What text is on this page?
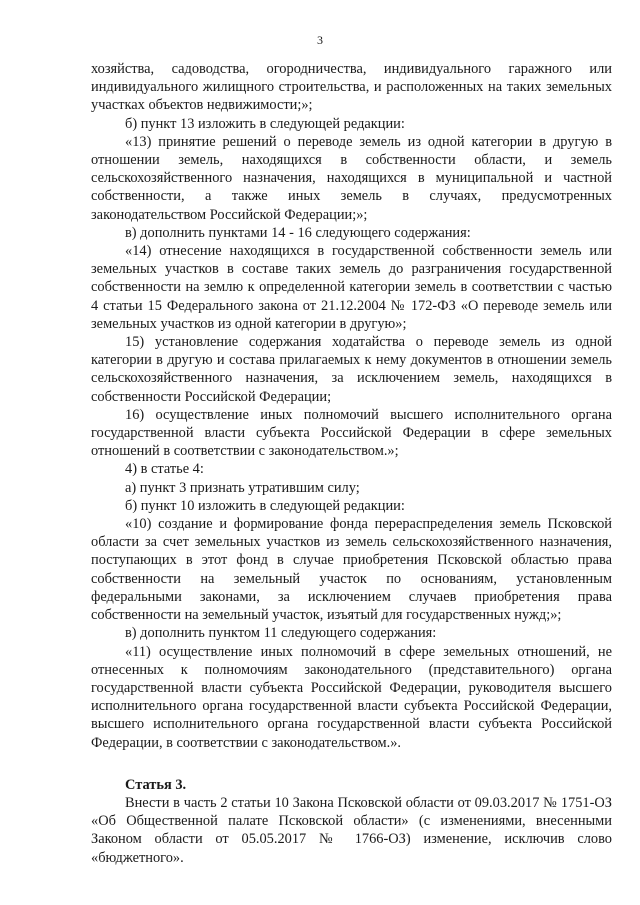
3

хозяйства, садоводства, огородничества, индивидуального гаражного или индивидуального жилищного строительства, и расположенных на таких земельных участках объектов недвижимости;»;

б) пункт 13 изложить в следующей редакции:

«13) принятие решений о переводе земель из одной категории в другую в отношении земель, находящихся в собственности области, и земель сельскохозяйственного назначения, находящихся в муниципальной и частной собственности, а также иных земель в случаях, предусмотренных законодательством Российской Федерации;»;

в) дополнить пунктами 14 - 16 следующего содержания:

«14) отнесение находящихся в государственной собственности земель или земельных участков в составе таких земель до разграничения государственной собственности на землю к определенной категории земель в соответствии с частью 4 статьи 15 Федерального закона от 21.12.2004 № 172-ФЗ «О переводе земель или земельных участков из одной категории в другую»;

15) установление содержания ходатайства о переводе земель из одной категории в другую и состава прилагаемых к нему документов в отношении земель сельскохозяйственного назначения, за исключением земель, находящихся в собственности Российской Федерации;

16) осуществление иных полномочий высшего исполнительного органа государственной власти субъекта Российской Федерации в сфере земельных отношений в соответствии с законодательством.»;

4) в статье 4:

а) пункт 3 признать утратившим силу;

б) пункт 10 изложить в следующей редакции:

«10) создание и формирование фонда перераспределения земель Псковской области за счет земельных участков из земель сельскохозяйственного назначения, поступающих в этот фонд в случае приобретения Псковской областью права собственности на земельный участок по основаниям, установленным федеральными законами, за исключением случаев приобретения права собственности на земельный участок, изъятый для государственных нужд;»;

в) дополнить пунктом 11 следующего содержания:

«11) осуществление иных полномочий в сфере земельных отношений, не отнесенных к полномочиям законодательного (представительного) органа государственной власти субъекта Российской Федерации, руководителя высшего исполнительного органа государственной власти субъекта Российской Федерации, высшего исполнительного органа государственной власти субъекта Российской Федерации, в соответствии с законодательством.».

Статья 3.

Внести в часть 2 статьи 10 Закона Псковской области от 09.03.2017 № 1751-ОЗ «Об Общественной палате Псковской области» (с изменениями, внесенными Законом области от 05.05.2017 № 1766-ОЗ) изменение, исключив слово «бюджетного».
